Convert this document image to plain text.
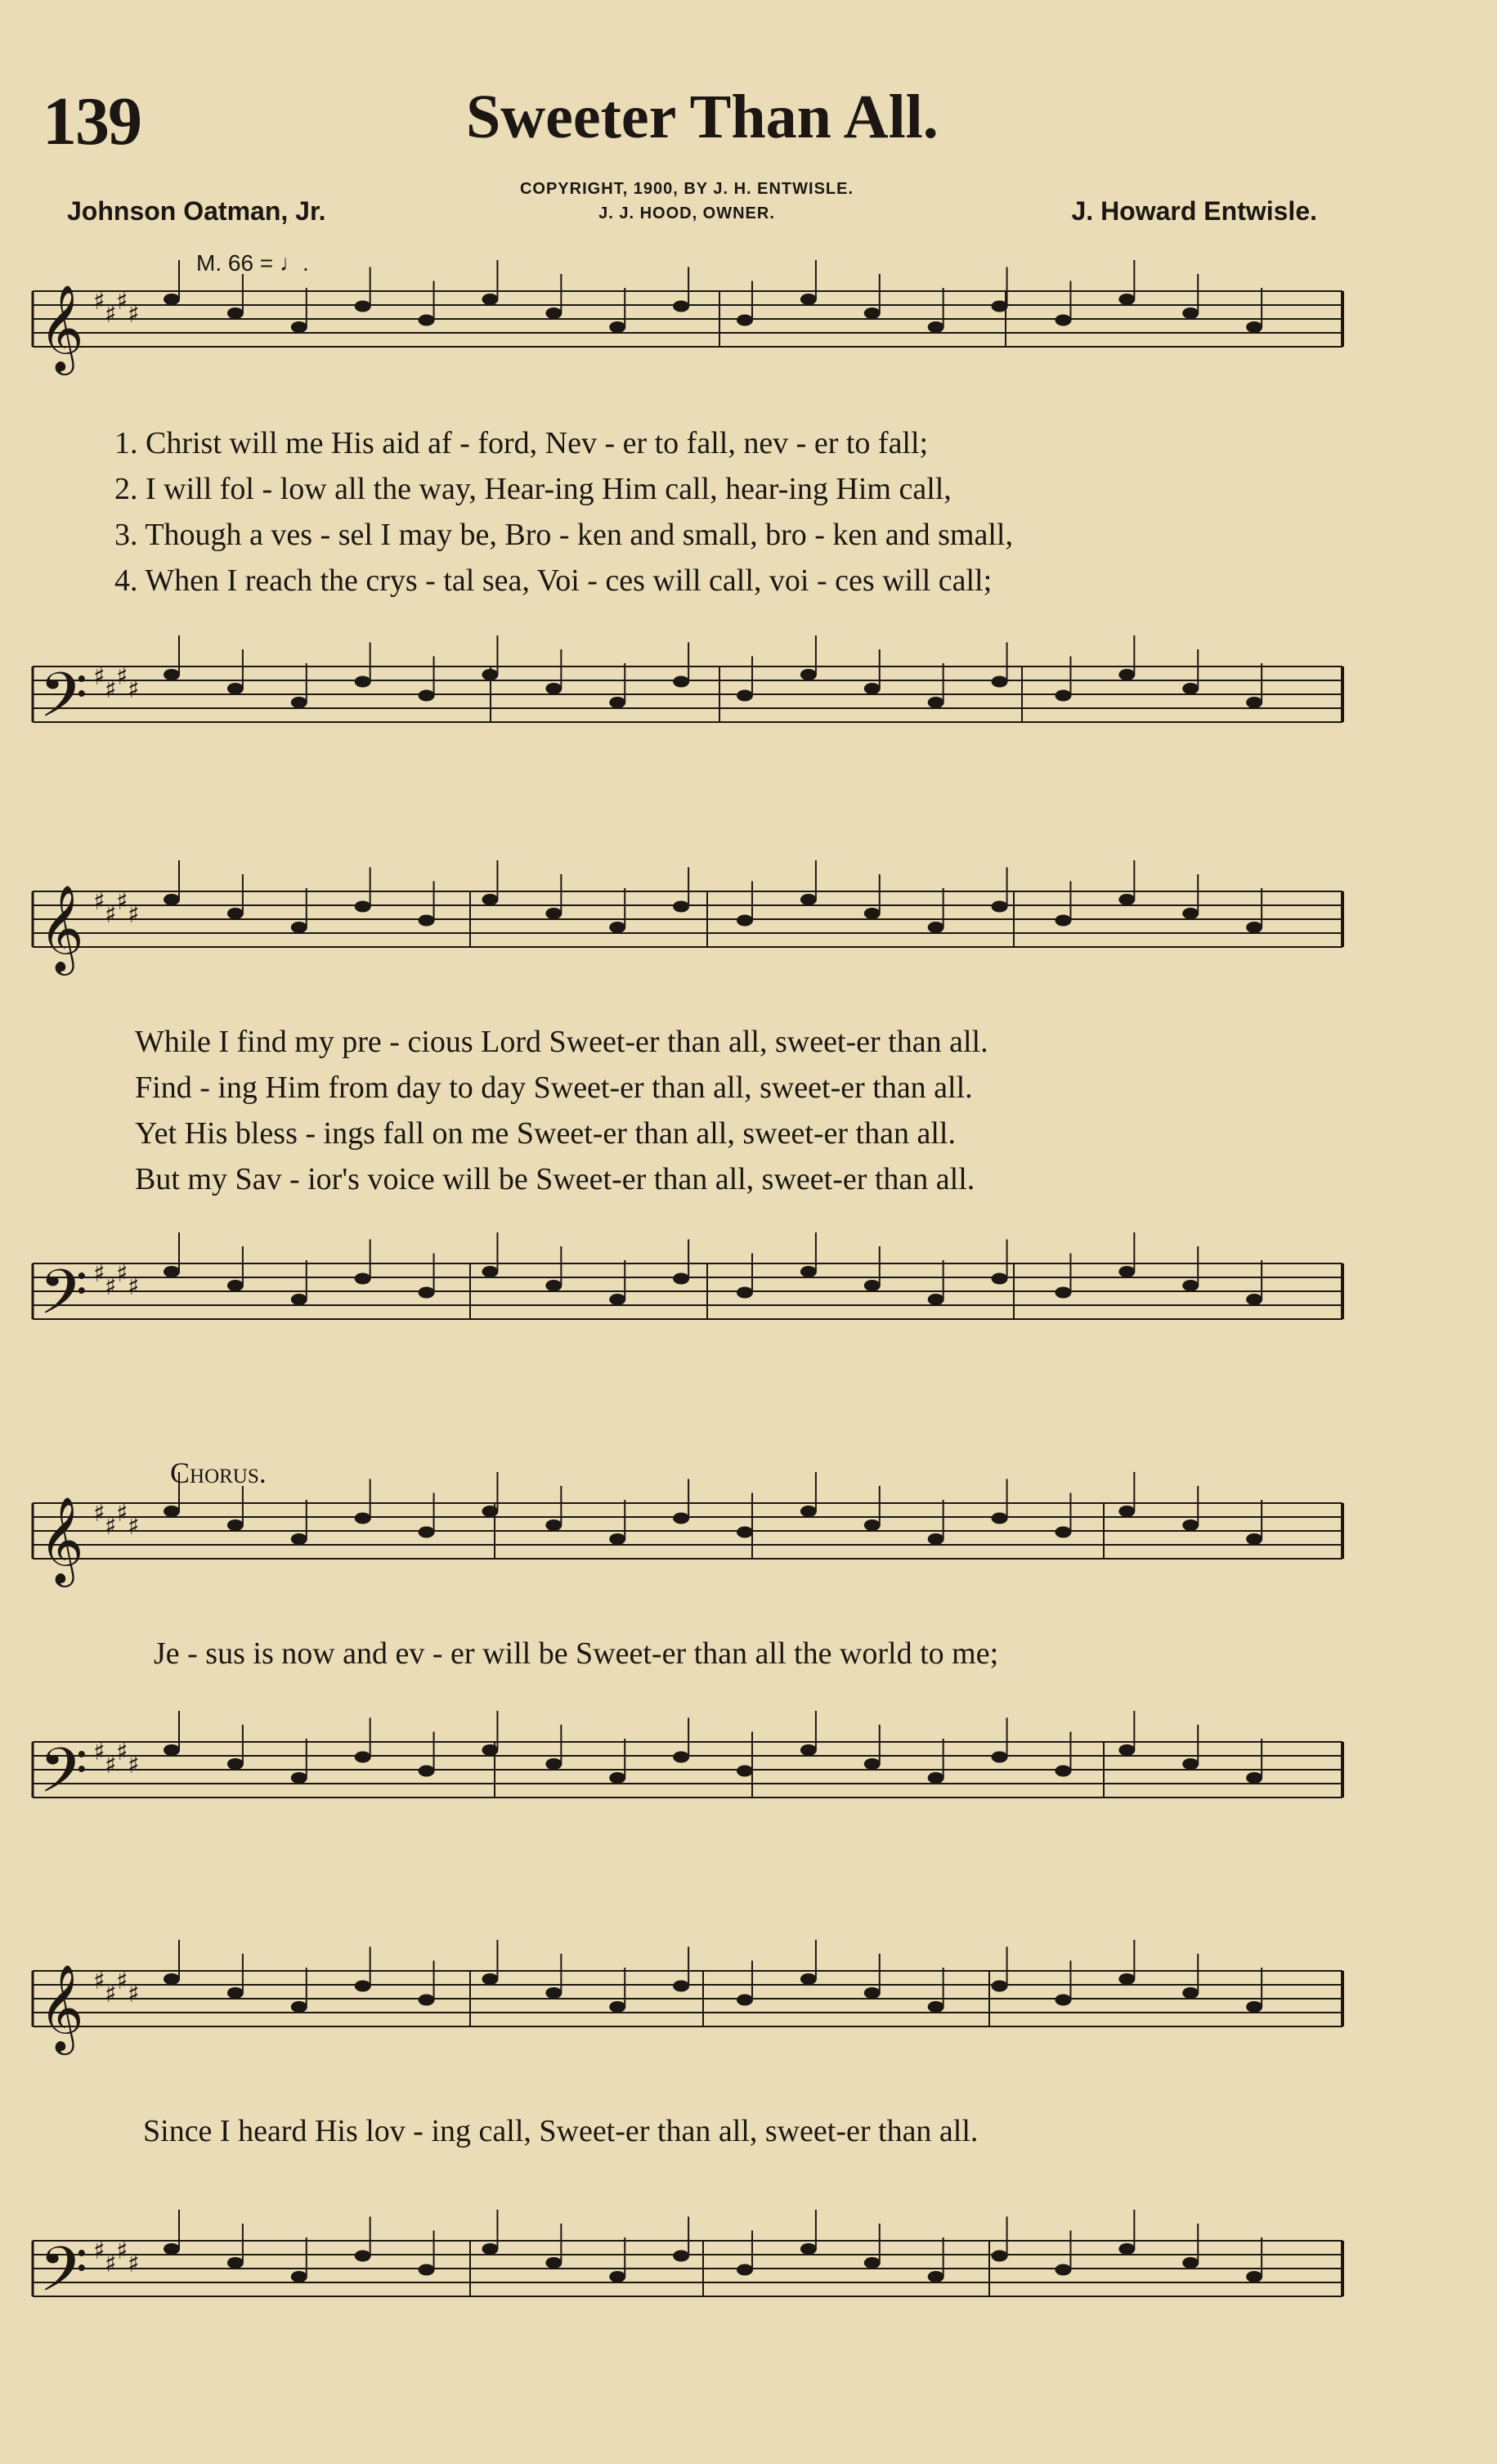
139	Sweeter Than All.
COPYRIGHT, 1900, BY J. H. ENTWISLE.
J. J. HOOD, OWNER.
Johnson Oatman, Jr.	J. Howard Entwisle.
M. 66 = ♩.
Chorus.
1. Christ will me His aid af - ford, Nev - er to fall, nev - er to fall;
2. I will fol - low all the way, Hear-ing Him call, hear-ing Him call,
3. Though a ves - sel I may be, Bro - ken and small, bro - ken and small,
4. When I reach the crys - tal sea, Voi - ces will call, voi - ces will call;
While I find my pre - cious Lord Sweet-er than all, sweet-er than all.
Find - ing Him from day to day Sweet-er than all, sweet-er than all.
Yet His bless - ings fall on me Sweet-er than all, sweet-er than all.
But my Sav - ior's voice will be Sweet-er than all, sweet-er than all.
Je - sus is now and ev - er will be Sweet-er than all the world to me;
Since I heard His lov - ing call, Sweet-er than all, sweet-er than all.
𝄞 ♯ ♯ ♯ ♯
𝄢 ♯ ♯ ♯ ♯
𝄞 ♯ ♯ ♯ ♯
𝄢 ♯ ♯ ♯ ♯
𝄞 ♯ ♯ ♯ ♯
𝄢 ♯ ♯ ♯ ♯
𝄞 ♯ ♯ ♯ ♯
𝄢 ♯ ♯ ♯ ♯
